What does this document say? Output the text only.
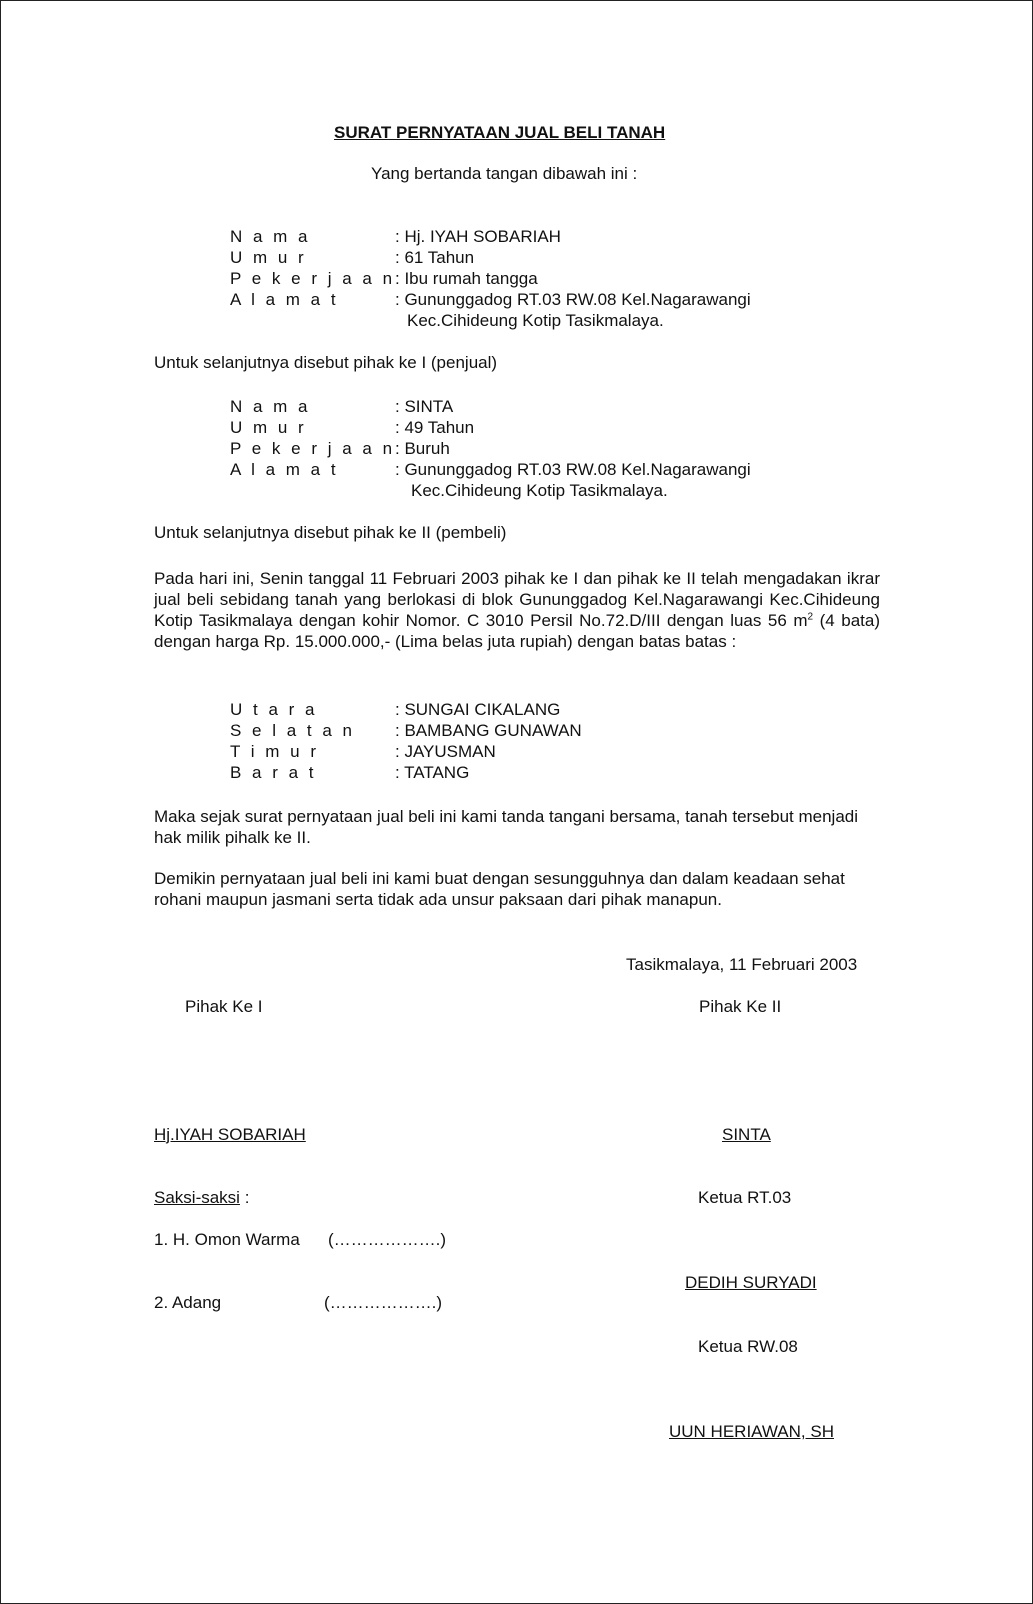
SURAT PERNYATAAN JUAL BELI TANAH
Yang bertanda tangan dibawah ini :
N a m a	: Hj. IYAH SOBARIAH
U m u r	: 61 Tahun
P e k e r j a a n : Ibu rumah tangga
A l a m a t	: Gununggadog RT.03 RW.08 Kel.Nagarawangi
Kec.Cihideung Kotip Tasikmalaya.
Untuk selanjutnya disebut pihak ke I (penjual)
N a m a	: SINTA
U m u r	: 49 Tahun
P e k e r j a a n : Buruh
A l a m a t	: Gununggadog RT.03 RW.08 Kel.Nagarawangi
Kec.Cihideung Kotip Tasikmalaya.
Untuk selanjutnya disebut pihak ke II (pembeli)
Pada hari ini, Senin tanggal 11 Februari 2003 pihak ke I dan pihak ke II telah mengadakan ikrar jual beli sebidang tanah yang berlokasi di blok Gununggadog Kel.Nagarawangi Kec.Cihideung Kotip Tasikmalaya dengan kohir Nomor. C 3010 Persil No.72.D/III dengan luas 56 $m^2$ (4 bata) dengan harga Rp. 15.000.000,- (Lima belas juta rupiah) dengan batas batas :
U t a r a	: SUNGAI CIKALANG
S e l a t a n : BAMBANG GUNAWAN
T i m u r	: JAYUSMAN
B a r a t	: TATANG
Maka sejak surat pernyataan jual beli ini kami tanda tangani bersama, tanah tersebut menjadi hak milik pihalk ke II.
Demikin pernyataan jual beli ini kami buat dengan sesungguhnya dan dalam keadaan sehat rohani maupun jasmani serta tidak ada unsur paksaan dari pihak manapun.
Tasikmalaya, 11 Februari 2003
Pihak Ke I	Pihak Ke II
Hj.IYAH SOBARIAH	SINTA
Saksi-saksi :	Ketua RT.03
1. H. Omon Warma (……………….)
DEDIH SURYADI
2. Adang	(……………….)
Ketua RW.08
UUN HERIAWAN, SH
